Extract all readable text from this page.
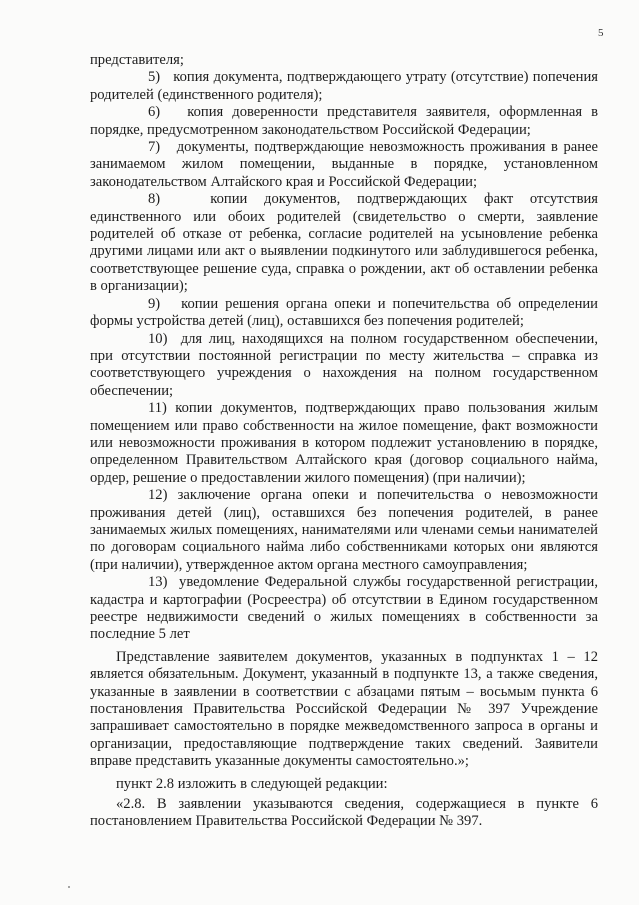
5

представителя;

5)   копия документа, подтверждающего утрату (отсутствие) попечения родителей (единственного родителя);

6)   копия доверенности представителя заявителя, оформленная в порядке, предусмотренном законодательством Российской Федерации;

7)   документы, подтверждающие невозможность проживания в ранее занимаемом жилом помещении, выданные в порядке, установленном законодательством Алтайского края и Российской Федерации;

8)   копии документов, подтверждающих факт отсутствия единственного или обоих родителей (свидетельство о смерти, заявление родителей об отказе от ребенка, согласие родителей на усыновление ребенка другими лицами или акт о выявлении подкинутого или заблудившегося ребенка, соответствующее решение суда, справка о рождении, акт об оставлении ребенка в организации);

9)   копии решения органа опеки и попечительства об определении формы устройства детей (лиц), оставшихся без попечения родителей;

10)  для лиц, находящихся на полном государственном обеспечении, при отсутствии постоянной регистрации по месту жительства – справка из соответствующего учреждения о нахождения на полном государственном обеспечении;

11) копии документов, подтверждающих право пользования жилым помещением или право собственности на жилое помещение, факт возможности или невозможности проживания в котором подлежит установлению в порядке, определенном Правительством Алтайского края (договор социального найма, ордер, решение о предоставлении жилого помещения) (при наличии);

12) заключение органа опеки и попечительства о невозможности проживания детей (лиц), оставшихся без попечения родителей, в ранее занимаемых жилых помещениях, нанимателями или членами семьи нанимателей по договорам социального найма либо собственниками которых они являются (при наличии), утвержденное актом органа местного самоуправления;

13)  уведомление Федеральной службы государственной регистрации, кадастра и картографии (Росреестра) об отсутствии в Едином государственном реестре недвижимости сведений о жилых помещениях в собственности за последние 5 лет

Представление заявителем документов, указанных в подпунктах 1 – 12 является обязательным. Документ, указанный в подпункте 13, а также сведения, указанные в заявлении в соответствии с абзацами пятым – восьмым пункта 6 постановления Правительства Российской Федерации № 397 Учреждение запрашивает самостоятельно в порядке межведомственного запроса в органы и организации, предоставляющие подтверждение таких сведений. Заявители вправе представить указанные документы самостоятельно.»;

пункт 2.8 изложить в следующей редакции:

«2.8. В заявлении указываются сведения, содержащиеся в пункте 6 постановлением Правительства Российской Федерации № 397.
